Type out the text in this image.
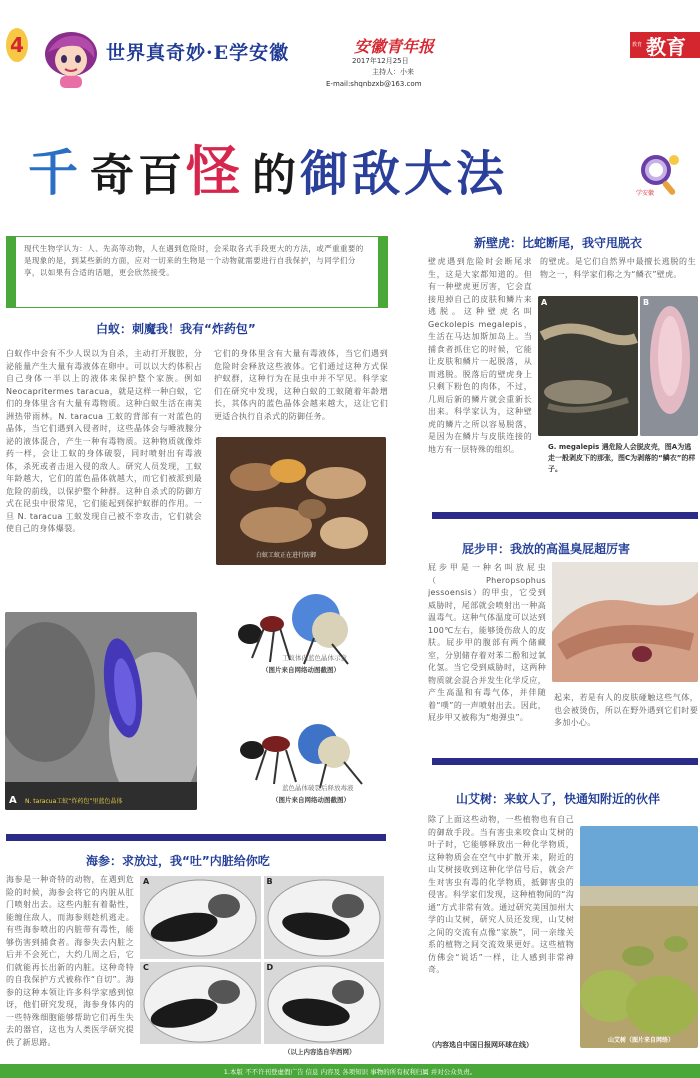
4	世界真奇妙·E学安徽	安徽青年报
2017年12月25日
主持人：小来
E-mail:shqnbzxb@163.com
教育 教育
千 奇 百 怪 的 御 敌 大 法	学安徽
现代生物学认为：人、先高等动物，人在遇到危险时，会采取各式手段更大的方法，或严重重要的是现象的是，到某些新的方面，应对一切来的生物是一个动物就需要进行自我保护，与同学们分享，以如果有合适的话题，更会欣然接受。
白蚁：刺魔我！我有“炸药包”
白蚁作中会有不少人误以为自杀，主动打开腹腔，分泌能量产生大量有毒液体在卵中。可以以大约体积占自己身体一半以上的液体来保护整个家族。例如Neocapritermes taracua，就是这样一种白蚁，它们的身体里含有大量有毒物质。这种白蚁生活在南美洲热带雨林。N. taracua 工蚁的背部有一对蓝色的晶体，当它们遇到入侵者时，这些晶体会与唾液腺分泌的液体混合，产生一种有毒物质。这种物质就像炸药一样，会让工蚁的身体破裂，同时喷射出有毒液体，杀死或者击退入侵的敌人。研究人员发现，工蚁年龄越大，它们的蓝色晶体就越大，而它们被派到最危险的前线，以保护整个种群。这种自杀式的防御方式在昆虫中很常见，它们能起到保护蚁群的作用。一旦 N. taracua 工蚁发现自己被不幸攻击，它们就会使自己的身体爆裂。
它们的身体里含有大量有毒液体，当它们遇到危险时会释放这些液体。它们通过这种方式保护蚁群，这种行为在昆虫中并不罕见。科学家们在研究中发现，这种白蚁的工蚁随着年龄增长，其体内的蓝色晶体会越来越大，这让它们更适合执行自杀式的防御任务。
白蚁工蚁正在进行防御
工蚁体内蓝色晶体示意
（图片来自网络动图截图）
蓝色晶体破裂后释放毒液
（图片来自网络动图截图）
A N. taracua工蚁“炸药包”里蓝色晶体
海参：求放过，我“吐”内脏给你吃
海参是一种奇特的动物，在遇到危险的时候，海参会将它的内脏从肛门喷射出去。这些内脏有着黏性，能缠住敌人，而海参则趁机逃走。有些海参喷出的内脏带有毒性，能够伤害到捕食者。海参失去内脏之后并不会死亡，大约几周之后，它们就能再长出新的内脏。这种奇特的自我保护方式被称作“自切”。海参的这种本领让许多科学家感到惊讶，他们研究发现，海参身体内的一些特殊细胞能够帮助它们再生失去的器官，这也为人类医学研究提供了新思路。
A	B
C	D
（以上内容选自华西网）
新壁虎：比蛇断尾，我守甩脱衣
壁虎遇到危险时会断尾求生，这是大家都知道的。但有一种壁虎更厉害，它会直接甩掉自己的皮肤和鳞片来逃脱。这种壁虎名叫Geckolepis megalepis，生活在马达加斯加岛上。当捕食者抓住它的时候，它能让皮肤和鳞片一起脱落，从而逃脱。脱落后的壁虎身上只剩下粉色的肉体，不过，几周后新的鳞片就会重新长出来。科学家认为，这种壁虎的鳞片之所以容易脱落，是因为在鳞片与皮肤连接的地方有一层特殊的组织。
的壁虎。是它们自然界中最擅长逃脱的生物之一，科学家们称之为“鳞衣”壁虎。
A	B
G. megalepis 遇危险人会脱皮壳，图A为逃走一般剥皮下的那张，图C为剥落的“鳞衣”的样子。
屁步甲：我放的高温臭屁超厉害
屁步甲是一种名叫放屁虫（Pheropsophus jessoensis）的甲虫，它受到威胁时，尾部就会喷射出一种高温毒气。这种气体温度可以达到100℃左右，能够烫伤敌人的皮肤。屁步甲的腹部有两个储藏室，分别储存着对苯二酚和过氧化氢。当它受到威胁时，这两种物质就会混合并发生化学反应，产生高温和有毒气体，并伴随着“噗”的一声喷射出去。因此，屁步甲又被称为“炮弹虫”。
起来，若是有人的皮肤碰触这些气体，也会被烫伤，所以在野外遇到它们时要多加小心。
山艾树：来蚊人了，快通知附近的伙伴
除了上面这些动物，一些植物也有自己的御敌手段。当有害虫来咬食山艾树的叶子时，它能够释放出一种化学物质，这种物质会在空气中扩散开来，附近的山艾树接收到这种化学信号后，就会产生对害虫有毒的化学物质，抵御害虫的侵害。科学家们发现，这种植物间的“沟通”方式非常有效。通过研究美国加州大学的山艾树，研究人员还发现，山艾树之间的交流有点像“家族”，同一亲缘关系的植物之间交流效果更好。这些植物仿佛会“说话”一样，让人感到非常神奇。
（内容选自中国日报网环球在线）
山艾树（图片来自网络）
1.本版 不不许刊登虚假广告 信息 内容及 各项知识 事物的所有权利归属 并对公众负责。
